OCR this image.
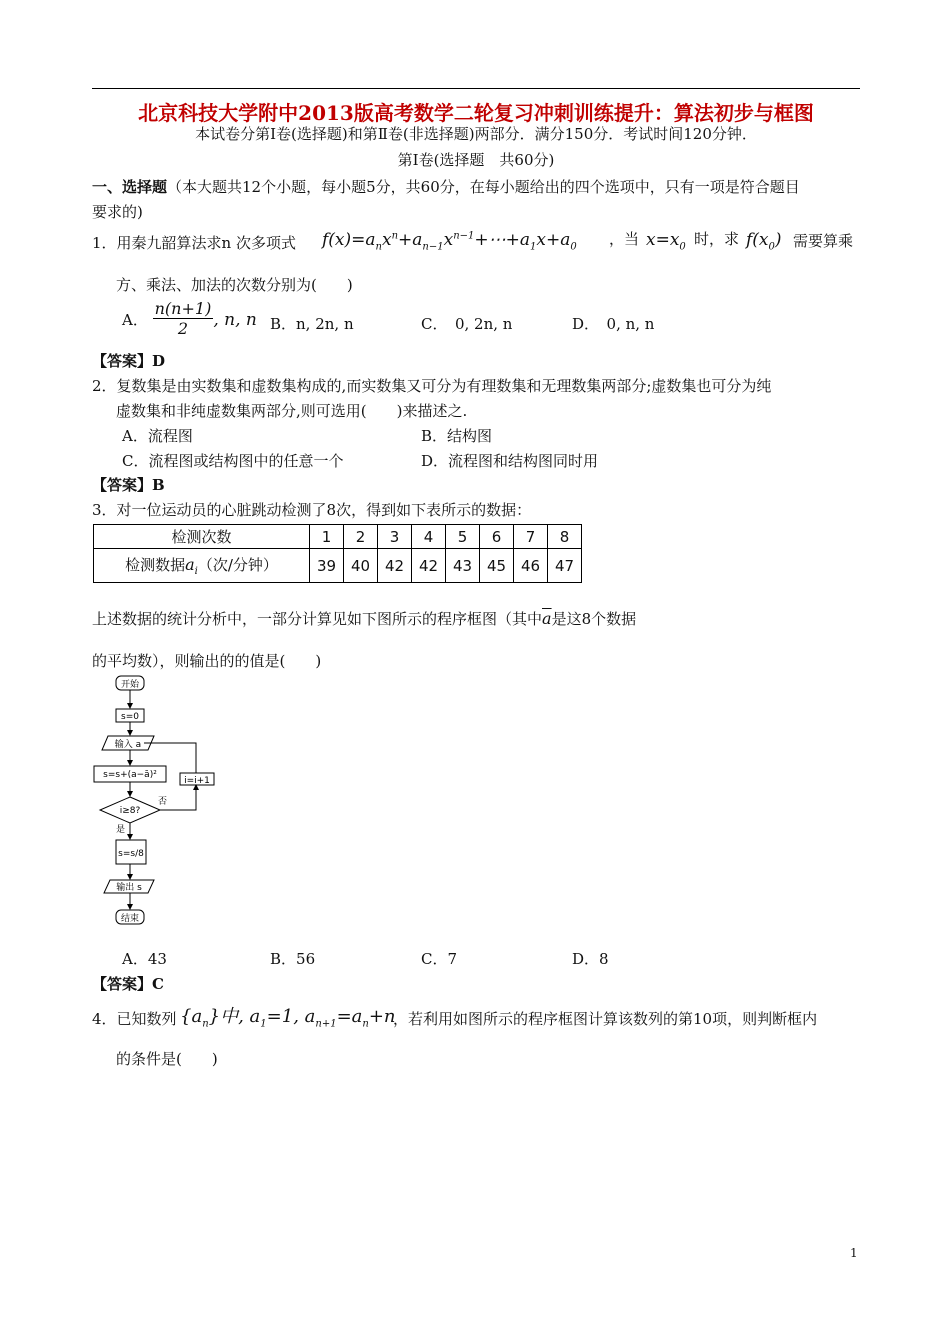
北京科技大学附中2013版高考数学二轮复习冲刺训练提升：算法初步与框图
本试卷分第Ⅰ卷(选择题)和第Ⅱ卷(非选择题)两部分．满分150分．考试时间120分钟．
第Ⅰ卷(选择题　共60分)
一、选择题（本大题共12个小题，每小题5分，共60分，在每小题给出的四个选项中，只有一项是符合题目
要求的)
1．用秦九韶算法求n 次多项式 $f(x)=a_nx^n+a_{n-1}x^{n-1}+\cdots+a_1x+a_0$ ，当 $x=x_0$ 时，求 $f(x_0)$ 需要算乘
方、乘法、加法的次数分别为(　　)
A． $\frac{n(n+1)}{2}$ , n, n B．n, 2n, n	C．　0, 2n, n	D．　0, n, n
【答案】D
2．复数集是由实数集和虚数集构成的,而实数集又可分为有理数集和无理数集两部分;虚数集也可分为纯
虚数集和非纯虚数集两部分,则可选用(　　)来描述之.
A．流程图	B．结构图
C．流程图或结构图中的任意一个	D．流程图和结构图同时用
【答案】B
3．对一位运动员的心脏跳动检测了8次，得到如下表所示的数据：
检测次数	1	2	3	4	5	6	7	8
检测数据$a_i$（次/分钟）	39	40	42	42	43	45	46	47
上述数据的统计分析中，一部分计算见如下图所示的程序框图（其中$\overline{a}$是这8个数据
的平均数），则输出的的值是(　　)
开始
s=0
输入 a
s=s+(a−ā)²
i=i+1
i≥8?
否
是
s=s/8
输出 s
结束
A．43	B．56	C．7	D．8
【答案】C
4．已知数列 $\{a_n\}$中, $a_1=1$, $a_{n+1}=a_n+n$
，若利用如图所示的程序框图计算该数列的第10项，则判断框内
的条件是(　　)
1
